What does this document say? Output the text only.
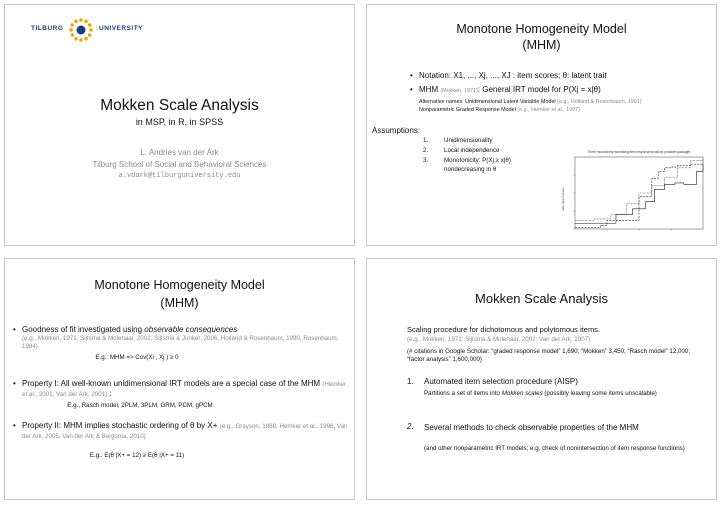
TILBURG	UNIVERSITY
Mokken Scale Analysis
in MSP, in R, in SPSS
L. Andries van der Ark
Tilburg School of Social and Behavioral Sciences
a.vdark@tilburguniversity.edu
Monotone Homogeneity Model
(MHM)
• Notation: X1, ..., Xj, ..., XJ : item scores; θ: latent trait
• MHM (Mokken, 1971): General IRT model for P(Xj = x|θ)
Alternative names: Unidimensional Latent Variable Model (e.g., Holland & Rosenbaum, 1991)
Nonparametric Graded Response Model (e.g., Hemker et al., 1997)
Assumptions:
1.	Unidimensionality
2.	Local independence
3.	Monotonicity: P(Xj ≥ x|θ)
nondecreasing in θ
Three monotonely increasing item response functions (mokken package)
Item step function
Monotone Homogeneity Model
(MHM)
• Goodness of fit investigated using observable consequences
(e.g., Mokken, 1971, Sijtsma & Molenaar, 2002, Sijtsma & Junker, 2006, Holland & Rosenbaum, 1990, Rosenbaum, 1984)
E.g.: MHM => Cov(Xi , Xj ) ≥ 0
• Property I: All well-known unidimensional IRT models are a special case of the MHM (Hemker et al., 2001, Van der Ark, 2001) :
E.g., Rasch model, 2PLM, 3PLM, GRM, PCM, gPCM
• Property II: MHM implies stochastic ordering of θ by X+ (e.g., Grayson, 1988, Hemker et al., 1996, Van der Ark, 2005, Van der Ark & Bergsma, 2010)
E.g.: E(θ |X+ = 12) ≥ E(θ |X+ = 11)
Mokken Scale Analysis
Scaling procedure for dichotomous and polytomous items.
(e.g., Mokken, 1971; Sijtsma & Molenaar, 2002; Van der Ark, 2007)
(# citations in Google Scholar: “graded response model” 1,690; “Mokken” 3,450; “Rasch model” 12,000; “factor analysis” 1,600,000)
1. Automated item selection procedure (AISP)
Partitions a set of items into Mokken scales (possibly leaving some items unscalable)
2. Several methods to check observable properties of the MHM
(and other nonparametric IRT models; e.g. check of nonintersection of item response functions)
